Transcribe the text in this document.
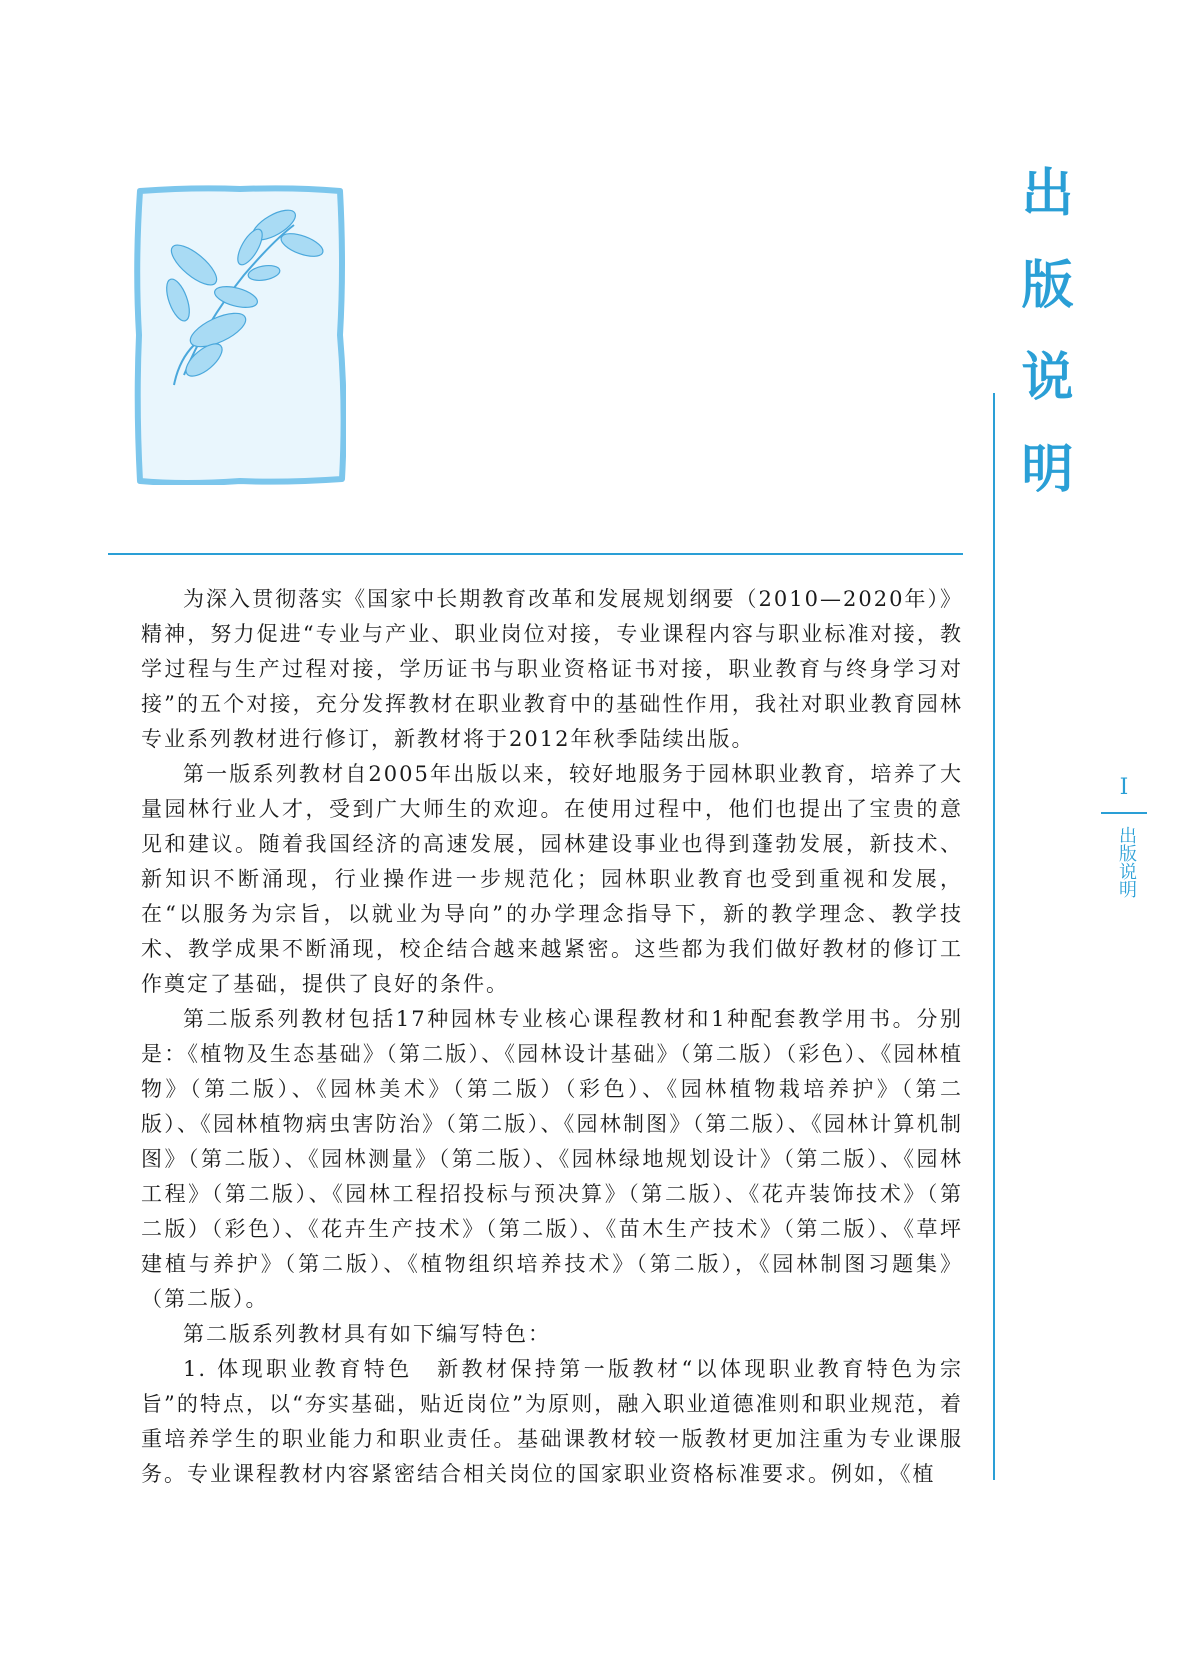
出版说明
I
出版说明

为深入贯彻落实《国家中长期教育改革和发展规划纲要（2010—2020年）》精神，努力促进“专业与产业、职业岗位对接，专业课程内容与职业标准对接，教学过程与生产过程对接，学历证书与职业资格证书对接，职业教育与终身学习对接”的五个对接，充分发挥教材在职业教育中的基础性作用，我社对职业教育园林专业系列教材进行修订，新教材将于2012年秋季陆续出版。

第一版系列教材自2005年出版以来，较好地服务于园林职业教育，培养了大量园林行业人才，受到广大师生的欢迎。在使用过程中，他们也提出了宝贵的意见和建议。随着我国经济的高速发展，园林建设事业也得到蓬勃发展，新技术、新知识不断涌现，行业操作进一步规范化；园林职业教育也受到重视和发展，在“以服务为宗旨，以就业为导向”的办学理念指导下，新的教学理念、教学技术、教学成果不断涌现，校企结合越来越紧密。这些都为我们做好教材的修订工作奠定了基础，提供了良好的条件。

第二版系列教材包括17种园林专业核心课程教材和1种配套教学用书。分别是：《植物及生态基础》（第二版）、《园林设计基础》（第二版）（彩色）、《园林植物》（第二版）、《园林美术》（第二版）（彩色）、《园林植物栽培养护》（第二版）、《园林植物病虫害防治》（第二版）、《园林制图》（第二版）、《园林计算机制图》（第二版）、《园林测量》（第二版）、《园林绿地规划设计》（第二版）、《园林工程》（第二版）、《园林工程招投标与预决算》（第二版）、《花卉装饰技术》（第二版）（彩色）、《花卉生产技术》（第二版）、《苗木生产技术》（第二版）、《草坪建植与养护》（第二版）、《植物组织培养技术》（第二版），《园林制图习题集》（第二版）。

第二版系列教材具有如下编写特色：

1. 体现职业教育特色　新教材保持第一版教材“以体现职业教育特色为宗旨”的特点，以“夯实基础，贴近岗位”为原则，融入职业道德准则和职业规范，着重培养学生的职业能力和职业责任。基础课教材较一版教材更加注重为专业课服务。专业课程教材内容紧密结合相关岗位的国家职业资格标准要求。例如，《植
